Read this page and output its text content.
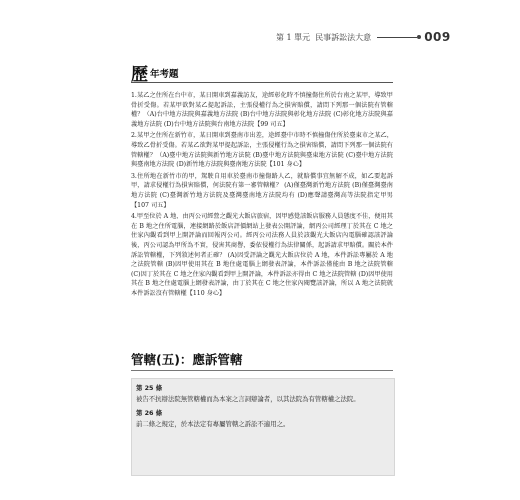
第 1 單元 民事訴訟法大意	009
歷 年考題

1.某乙之住所在台中市，某日開車到嘉義訪友，途經彰化時不慎撞傷住所於台南之某甲，導致甲骨折受傷。若某甲欲對某乙提起訴訟，主張侵權行為之損害賠償，請問下列那一個法院有管轄權？（A)台中地方法院與嘉義地方法院 (B)台中地方法院與彰化地方法院 (C)彰化地方法院與嘉義地方法院 (D)台中地方法院與台南地方法院【99 司五】

2.某甲之住所在新竹市，某日開車到臺南市出差，途經臺中市時不慎撞傷住所於臺東市之某乙，導致乙骨折受傷。若某乙欲對某甲提起訴訟，主張侵權行為之損害賠償，請問下列那一個法院有管轄權？（A)臺中地方法院與新竹地方法院 (B)臺中地方法院與臺東地方法院 (C)臺中地方法院與臺南地方法院 (D)新竹地方法院與臺南地方法院【101 身心】

3.住所地在新竹市的甲，駕駛自用車於臺南市撞傷路人乙，就賠償事宜無解不成，如乙要起訴甲，請求侵權行為損害賠償，何法院有第一審管轄權？ (A)僅臺灣新竹地方法院 (B)僅臺灣臺南地方法院 (C)臺灣新竹地方法院及臺灣臺南地方法院均有 (D)應聲請臺灣高等法院指定甲男【107 司五】

4.甲至位於 A 地、由丙公司經營之觀光大飯店旅宿，因甲感覺該飯店服務人員態度不佳，便用其在 B 地之住所電腦，連接網路於飯店評價網站上發表公開評論，網丙公司經理丁於其在 C 地之住家內觀看到甲上開評論而回報丙公司。經丙公司法務人員於該觀光大飯店內電腦確認該評論後，丙公司認為甲所為不實，侵害其商譽，委依侵權行為法律關係，起訴請求甲賠償。關於本件訴訟管轄權，下列敘述何者正確？ (A)因受評論之觀光大飯店位於 A 地，本件訴訟專屬於 A 地之法院管轄 (B)因甲使用其在 B 地住處電腦上網發表評論，本件訴訟僅能由 B 地之法院管轄 (C)因丁於其在 C 地之住家內觀看到甲上開評論，本件訴訟亦得由 C 地之法院管轄 (D)因甲使用其在 B 地之住處電腦上網發表評論，由丁於其在 C 地之住家內閱覽該評論，所以 A 地之法院就本件訴訟沒有管轄權【110 身心】

管轄(五)：應訴管轄

第 25 條

被告不抗辯法院無管轄權而為本案之言詞辯論者，以其法院為有管轄權之法院。

第 26 條

前二條之規定，於本法定有專屬管轄之訴訟不適用之。
